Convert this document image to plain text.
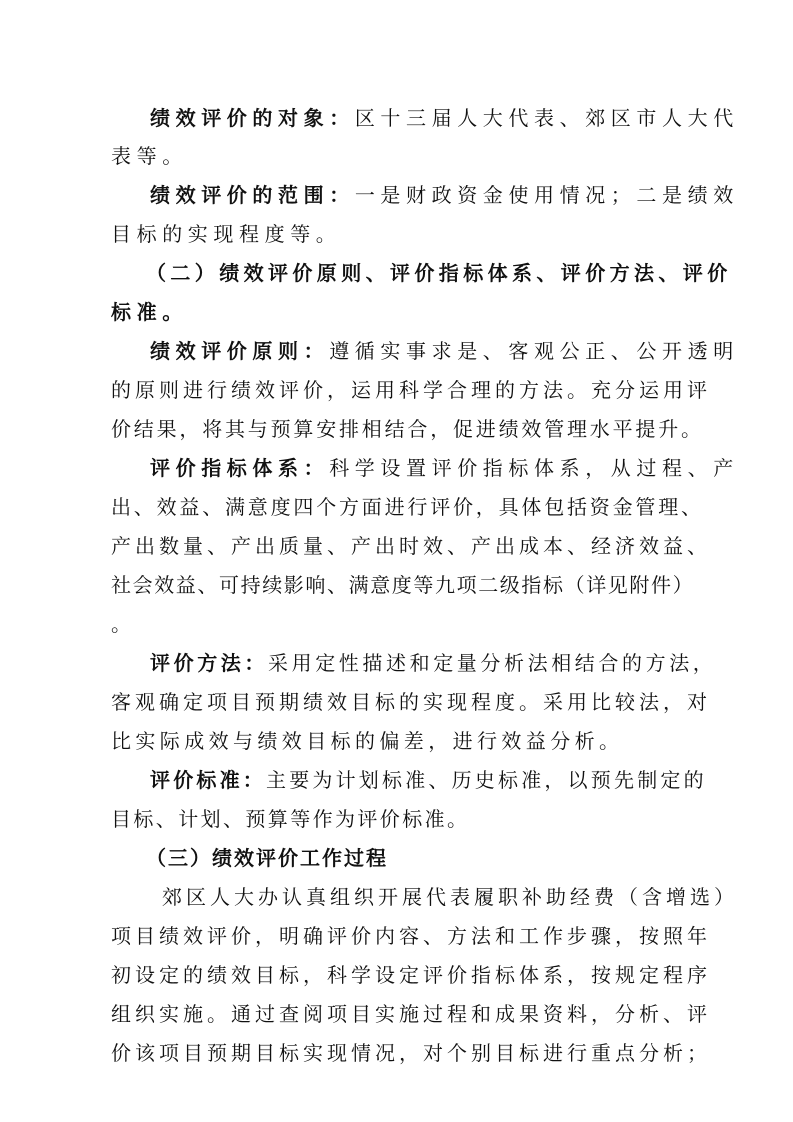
绩效评价的对象：区十三届人大代表、郊区市人大代
表等。
绩效评价的范围：一是财政资金使用情况；二是绩效
目标的实现程度等。
（二）绩效评价原则、评价指标体系、评价方法、评价
标准。
绩效评价原则：遵循实事求是、客观公正、公开透明
的原则进行绩效评价，运用科学合理的方法。充分运用评
价结果，将其与预算安排相结合，促进绩效管理水平提升。
评价指标体系：科学设置评价指标体系，从过程、产
出、效益、满意度四个方面进行评价，具体包括资金管理、
产出数量、产出质量、产出时效、产出成本、经济效益、
社会效益、可持续影响、满意度等九项二级指标（详见附件）
。
评价方法：采用定性描述和定量分析法相结合的方法，
客观确定项目预期绩效目标的实现程度。采用比较法，对
比实际成效与绩效目标的偏差，进行效益分析。
评价标准：主要为计划标准、历史标准，以预先制定的
目标、计划、预算等作为评价标准。
（三）绩效评价工作过程
郊区人大办认真组织开展代表履职补助经费（含增选）
项目绩效评价，明确评价内容、方法和工作步骤，按照年
初设定的绩效目标，科学设定评价指标体系，按规定程序
组织实施。通过查阅项目实施过程和成果资料，分析、评
价该项目预期目标实现情况，对个别目标进行重点分析；
